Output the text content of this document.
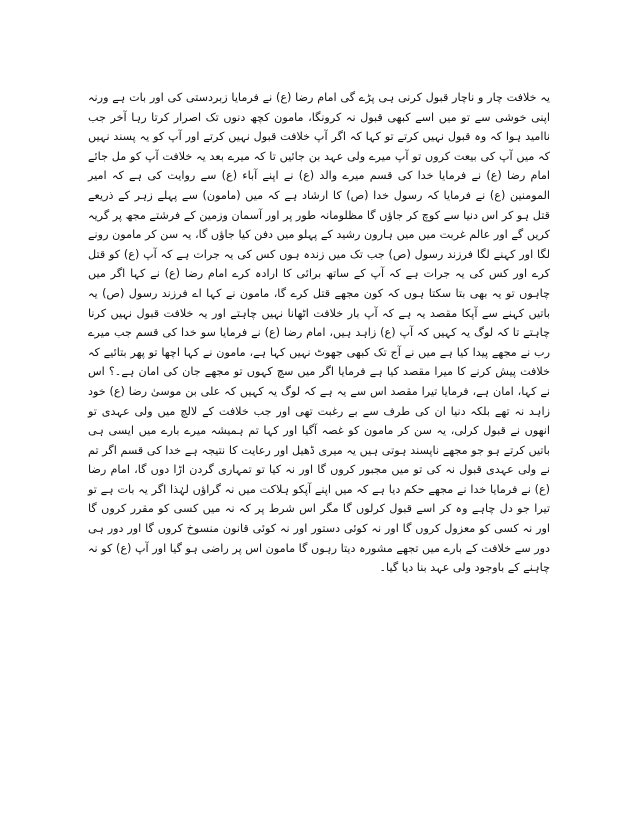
یہ خلافت چار و ناچار قبول کرنی ہی پڑے گی امام رضا (ع) نے فرمایا زبردستی کی اور بات ہے ورنہ اپنی خوشی سے تو میں اسے کبھی قبول نہ کرونگا، مامون کچھ دنوں تک اصرار کرتا رہا آخر جب ناامید ہوا کہ وہ قبول نہیں کرتے تو کہا کہ اگر آپ خلافت قبول نہیں کرتے اور آپ کو یہ پسند نہیں کہ میں آپ کی بیعت کروں تو آپ میرے ولی عہد بن جائیں تا کہ میرے بعد یہ خلافت آپ کو مل جائے امام رضا (ع) نے فرمایا خدا کی قسم میرے والد (ع) نے اپنے آباء (ع) سے روایت کی ہے کہ امیر المومنین (ع) نے فرمایا کہ رسول خدا (ص) کا ارشاد ہے کہ میں (مامون) سے پہلے زہر کے ذریعے قتل ہو کر اس دنیا سے کوچ کر جاؤں گا مظلومانہ طور پر اور آسمان وزمین کے فرشتے مجھ پر گریہ کریں گے اور عالم غربت میں میں ہارون رشید کے پہلو میں دفن کیا جاؤں گا، یہ سن کر مامون رونے لگا اور کہنے لگا فرزند رسول (ص) جب تک میں زندہ ہوں کس کی یہ جرات ہے کہ آپ (ع) کو قتل کرے اور کس کی یہ جرات ہے کہ آپ کے ساتھ برائی کا ارادہ کرے امام رضا (ع) نے کہا اگر میں چاہوں تو یہ بھی بتا سکتا ہوں کہ کون مجھے قتل کرے گا، مامون نے کہا اے فرزند رسول (ص) یہ باتیں کہنے سے آپکا مقصد یہ ہے کہ آپ بار خلافت اٹھانا نہیں چاہتے اور یہ خلافت قبول نہیں کرنا چاہتے تا کہ لوگ یہ کہیں کہ آپ (ع) زاہد ہیں، امام رضا (ع) نے فرمایا سو خدا کی قسم جب میرے رب نے مجھے پیدا کیا ہے میں نے آج تک کبھی جھوٹ نہیں کہا ہے، مامون نے کہا اچھا تو پھر بتائیے کہ خلافت پیش کرنے کا میرا مقصد کیا ہے فرمایا اگر میں سچ کہوں تو مجھے جان کی امان ہے۔؟ اس نے کہا، امان ہے، فرمایا تیرا مقصد اس سے یہ ہے کہ لوگ یہ کہیں کہ علی بن موسیٰ رضا (ع) خود زاہد نہ تھے بلکہ دنیا ان کی طرف سے بے رغبت تھی اور جب خلافت کے لالچ میں ولی عہدی تو انھوں نے قبول کرلی، یہ سن کر مامون کو غصہ آگیا اور کہا تم ہمیشہ میرے بارے میں ایسی ہی باتیں کرتے ہو جو مجھے ناپسند ہوتی ہیں یہ میری ڈھیل اور رعایت کا نتیجہ ہے خدا کی قسم اگر تم نے ولی عہدی قبول نہ کی تو میں مجبور کروں گا اور نہ کیا تو تمہاری گردن اڑا دوں گا، امام رضا (ع) نے فرمایا خدا نے مجھے حکم دیا ہے کہ میں اپنے آپکو ہلاکت میں نہ گراؤں لہٰذا اگر یہ بات ہے تو تیرا جو دل چاہے وہ کر اسے قبول کرلوں گا مگر اس شرط پر کہ نہ میں کسی کو مقرر کروں گا اور نہ کسی کو معزول کروں گا اور نہ کوئی دستور اور نہ کوئی قانون منسوخ کروں گا اور دور ہی دور سے خلافت کے بارے میں تجھے مشورہ دیتا رہوں گا مامون اس پر راضی ہو گیا اور آپ (ع) کو نہ چاہنے کے باوجود ولی عہد بنا دیا گیا۔
